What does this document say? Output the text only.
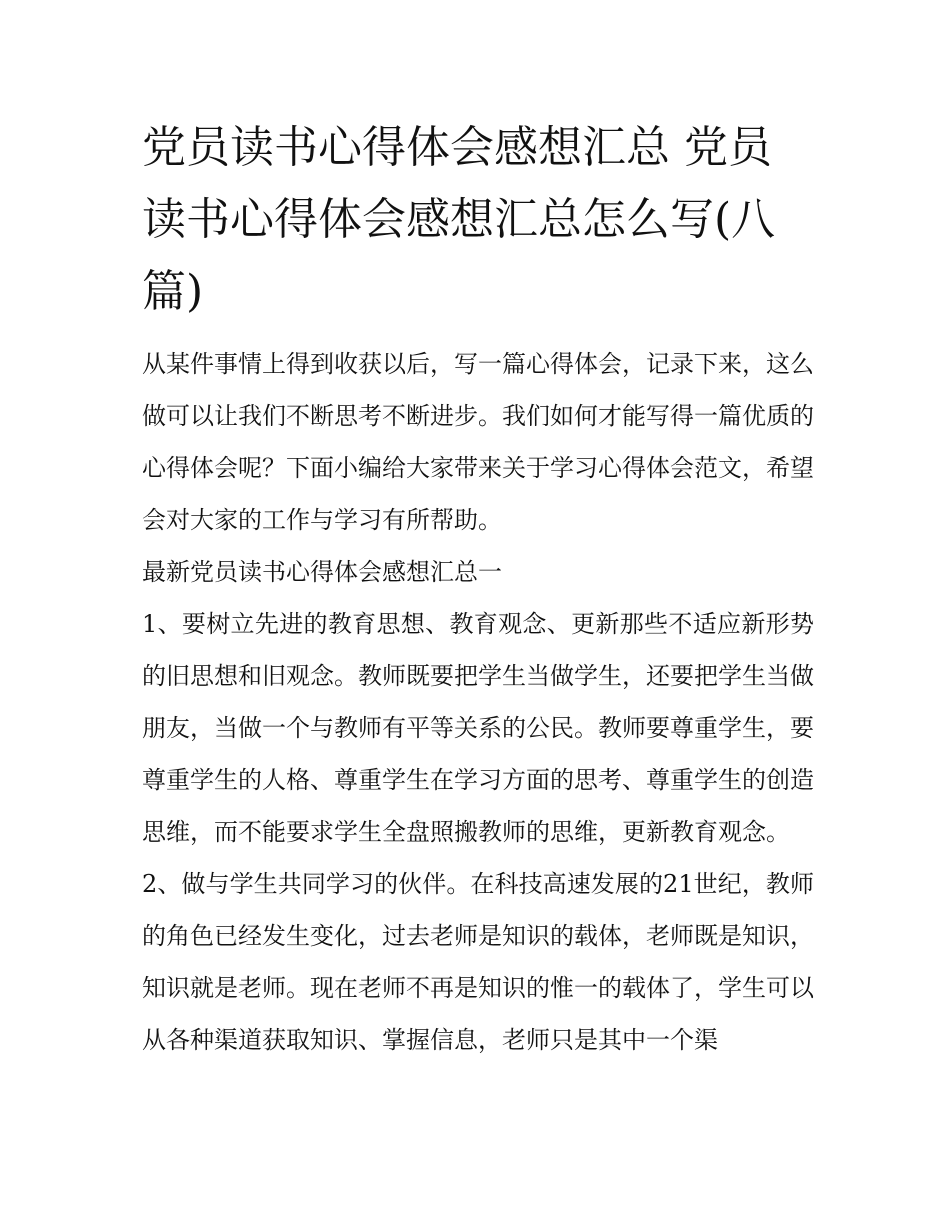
党员读书心得体会感想汇总 党员读书心得体会感想汇总怎么写(八篇)

从某件事情上得到收获以后，写一篇心得体会，记录下来，这么做可以让我们不断思考不断进步。我们如何才能写得一篇优质的心得体会呢？下面小编给大家带来关于学习心得体会范文，希望会对大家的工作与学习有所帮助。

最新党员读书心得体会感想汇总一

1、要树立先进的教育思想、教育观念、更新那些不适应新形势的旧思想和旧观念。教师既要把学生当做学生，还要把学生当做朋友，当做一个与教师有平等关系的公民。教师要尊重学生，要尊重学生的人格、尊重学生在学习方面的思考、尊重学生的创造思维，而不能要求学生全盘照搬教师的思维，更新教育观念。

2、做与学生共同学习的伙伴。在科技高速发展的21世纪，教师的角色已经发生变化，过去老师是知识的载体，老师既是知识，知识就是老师。现在老师不再是知识的惟一的载体了，学生可以从各种渠道获取知识、掌握信息，老师只是其中一个渠
